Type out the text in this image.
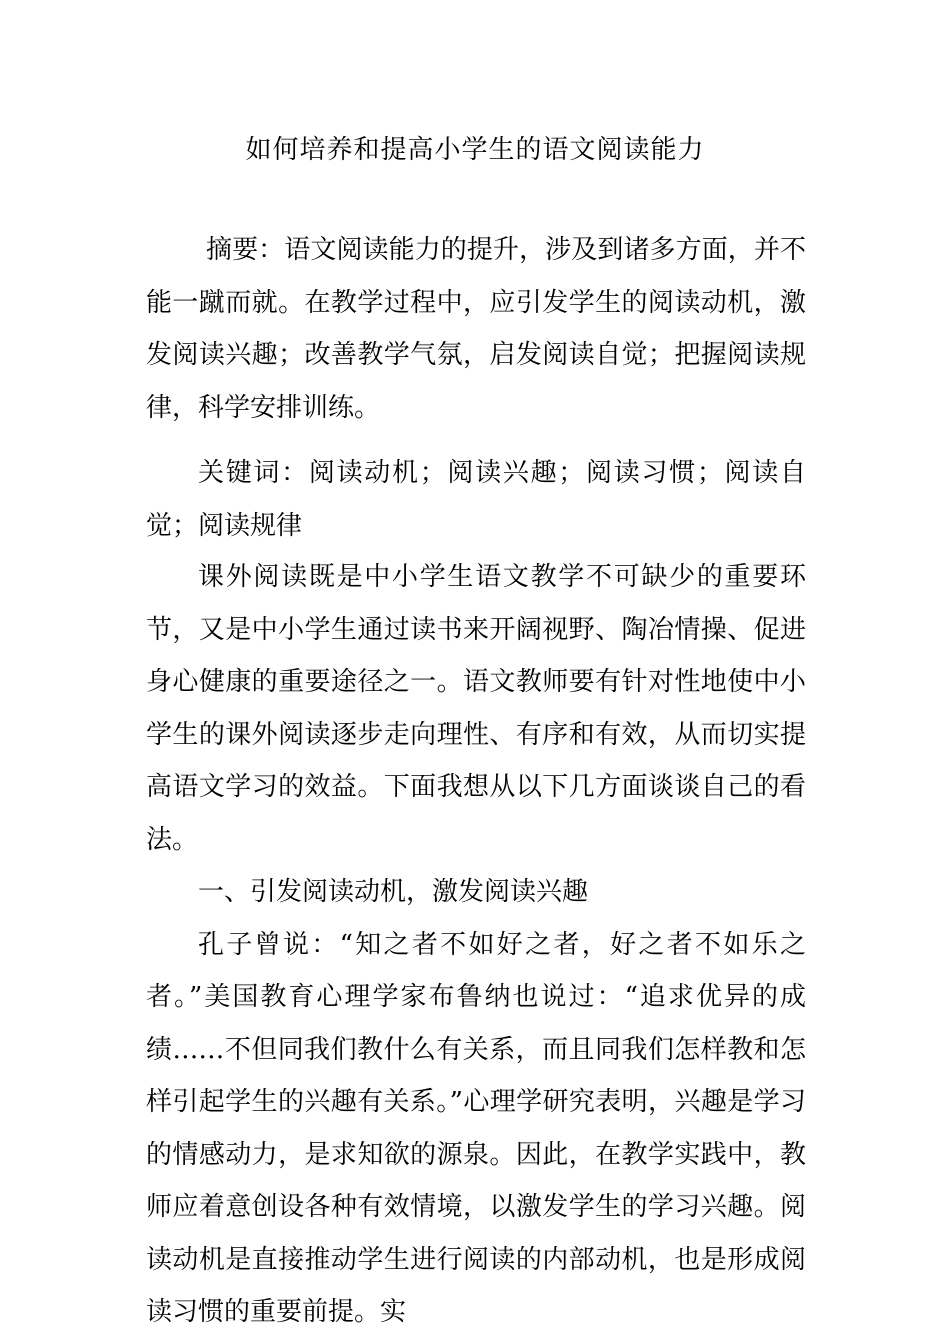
如何培养和提高小学生的语文阅读能力

摘要：语文阅读能力的提升，涉及到诸多方面，并不能一蹴而就。在教学过程中，应引发学生的阅读动机，激发阅读兴趣；改善教学气氛，启发阅读自觉；把握阅读规律，科学安排训练。

关键词：阅读动机；阅读兴趣；阅读习惯；阅读自觉；阅读规律

课外阅读既是中小学生语文教学不可缺少的重要环节，又是中小学生通过读书来开阔视野、陶冶情操、促进身心健康的重要途径之一。语文教师要有针对性地使中小学生的课外阅读逐步走向理性、有序和有效，从而切实提高语文学习的效益。下面我想从以下几方面谈谈自己的看法。

一、引发阅读动机，激发阅读兴趣

孔子曾说：“知之者不如好之者，好之者不如乐之者。”美国教育心理学家布鲁纳也说过：“追求优异的成绩……不但同我们教什么有关系，而且同我们怎样教和怎样引起学生的兴趣有关系。”心理学研究表明，兴趣是学习的情感动力，是求知欲的源泉。因此，在教学实践中，教师应着意创设各种有效情境，以激发学生的学习兴趣。阅读动机是直接推动学生进行阅读的内部动机，也是形成阅读习惯的重要前提。实
